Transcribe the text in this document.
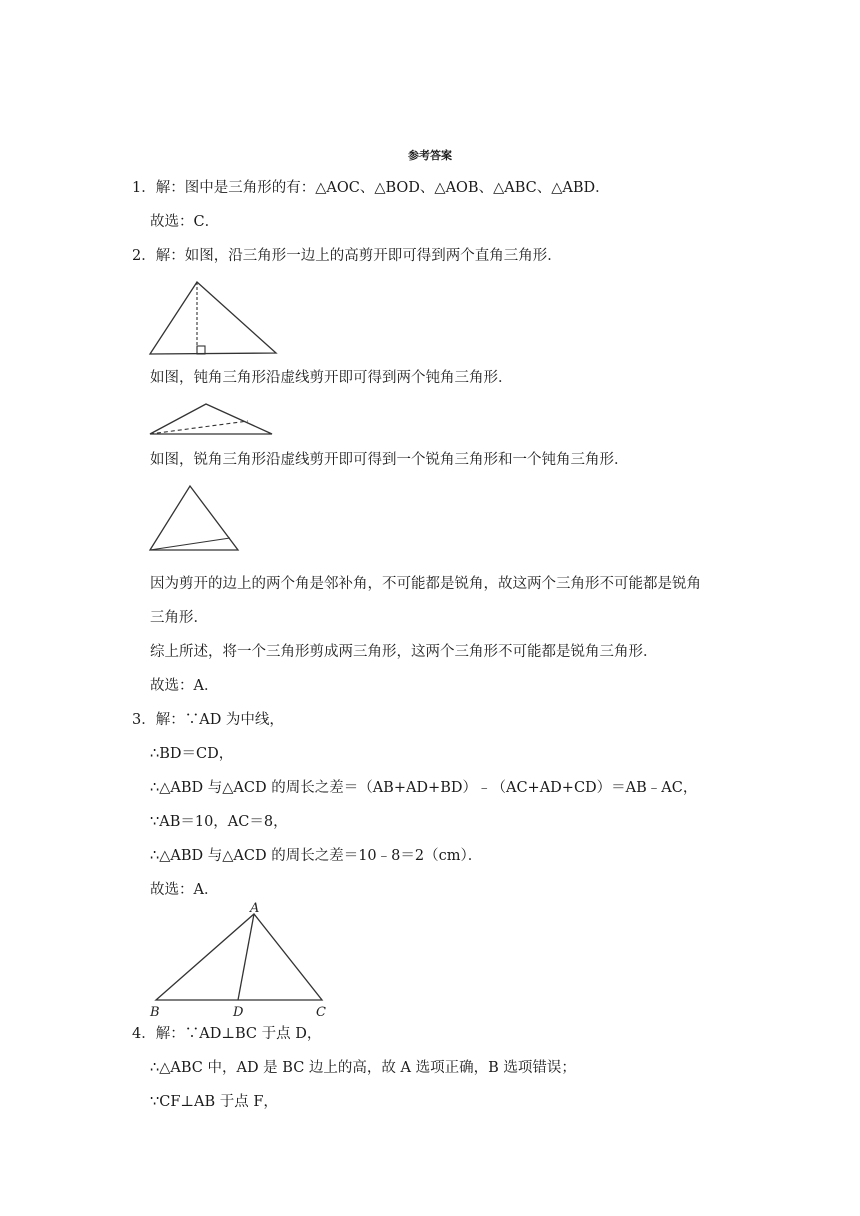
参考答案
1．解：图中是三角形的有：△AOC、△BOD、△AOB、△ABC、△ABD．
故选：C．
2．解：如图，沿三角形一边上的高剪开即可得到两个直角三角形．
如图，钝角三角形沿虚线剪开即可得到两个钝角三角形．
如图，锐角三角形沿虚线剪开即可得到一个锐角三角形和一个钝角三角形．
因为剪开的边上的两个角是邻补角，不可能都是锐角，故这两个三角形不可能都是锐角
三角形．
综上所述，将一个三角形剪成两三角形，这两个三角形不可能都是锐角三角形．
故选：A．
3．解：∵AD 为中线，
∴BD＝CD，
∴△ABD 与△ACD 的周长之差＝（AB+AD+BD）﹣（AC+AD+CD）＝AB﹣AC，
∵AB＝10，AC＝8，
∴△ABD 与△ACD 的周长之差＝10﹣8＝2（cm）．
故选：A．
A
B	D	C
4．解：∵AD⊥BC 于点 D，
∴△ABC 中，AD 是 BC 边上的高，故 A 选项正确，B 选项错误；
∵CF⊥AB 于点 F，
